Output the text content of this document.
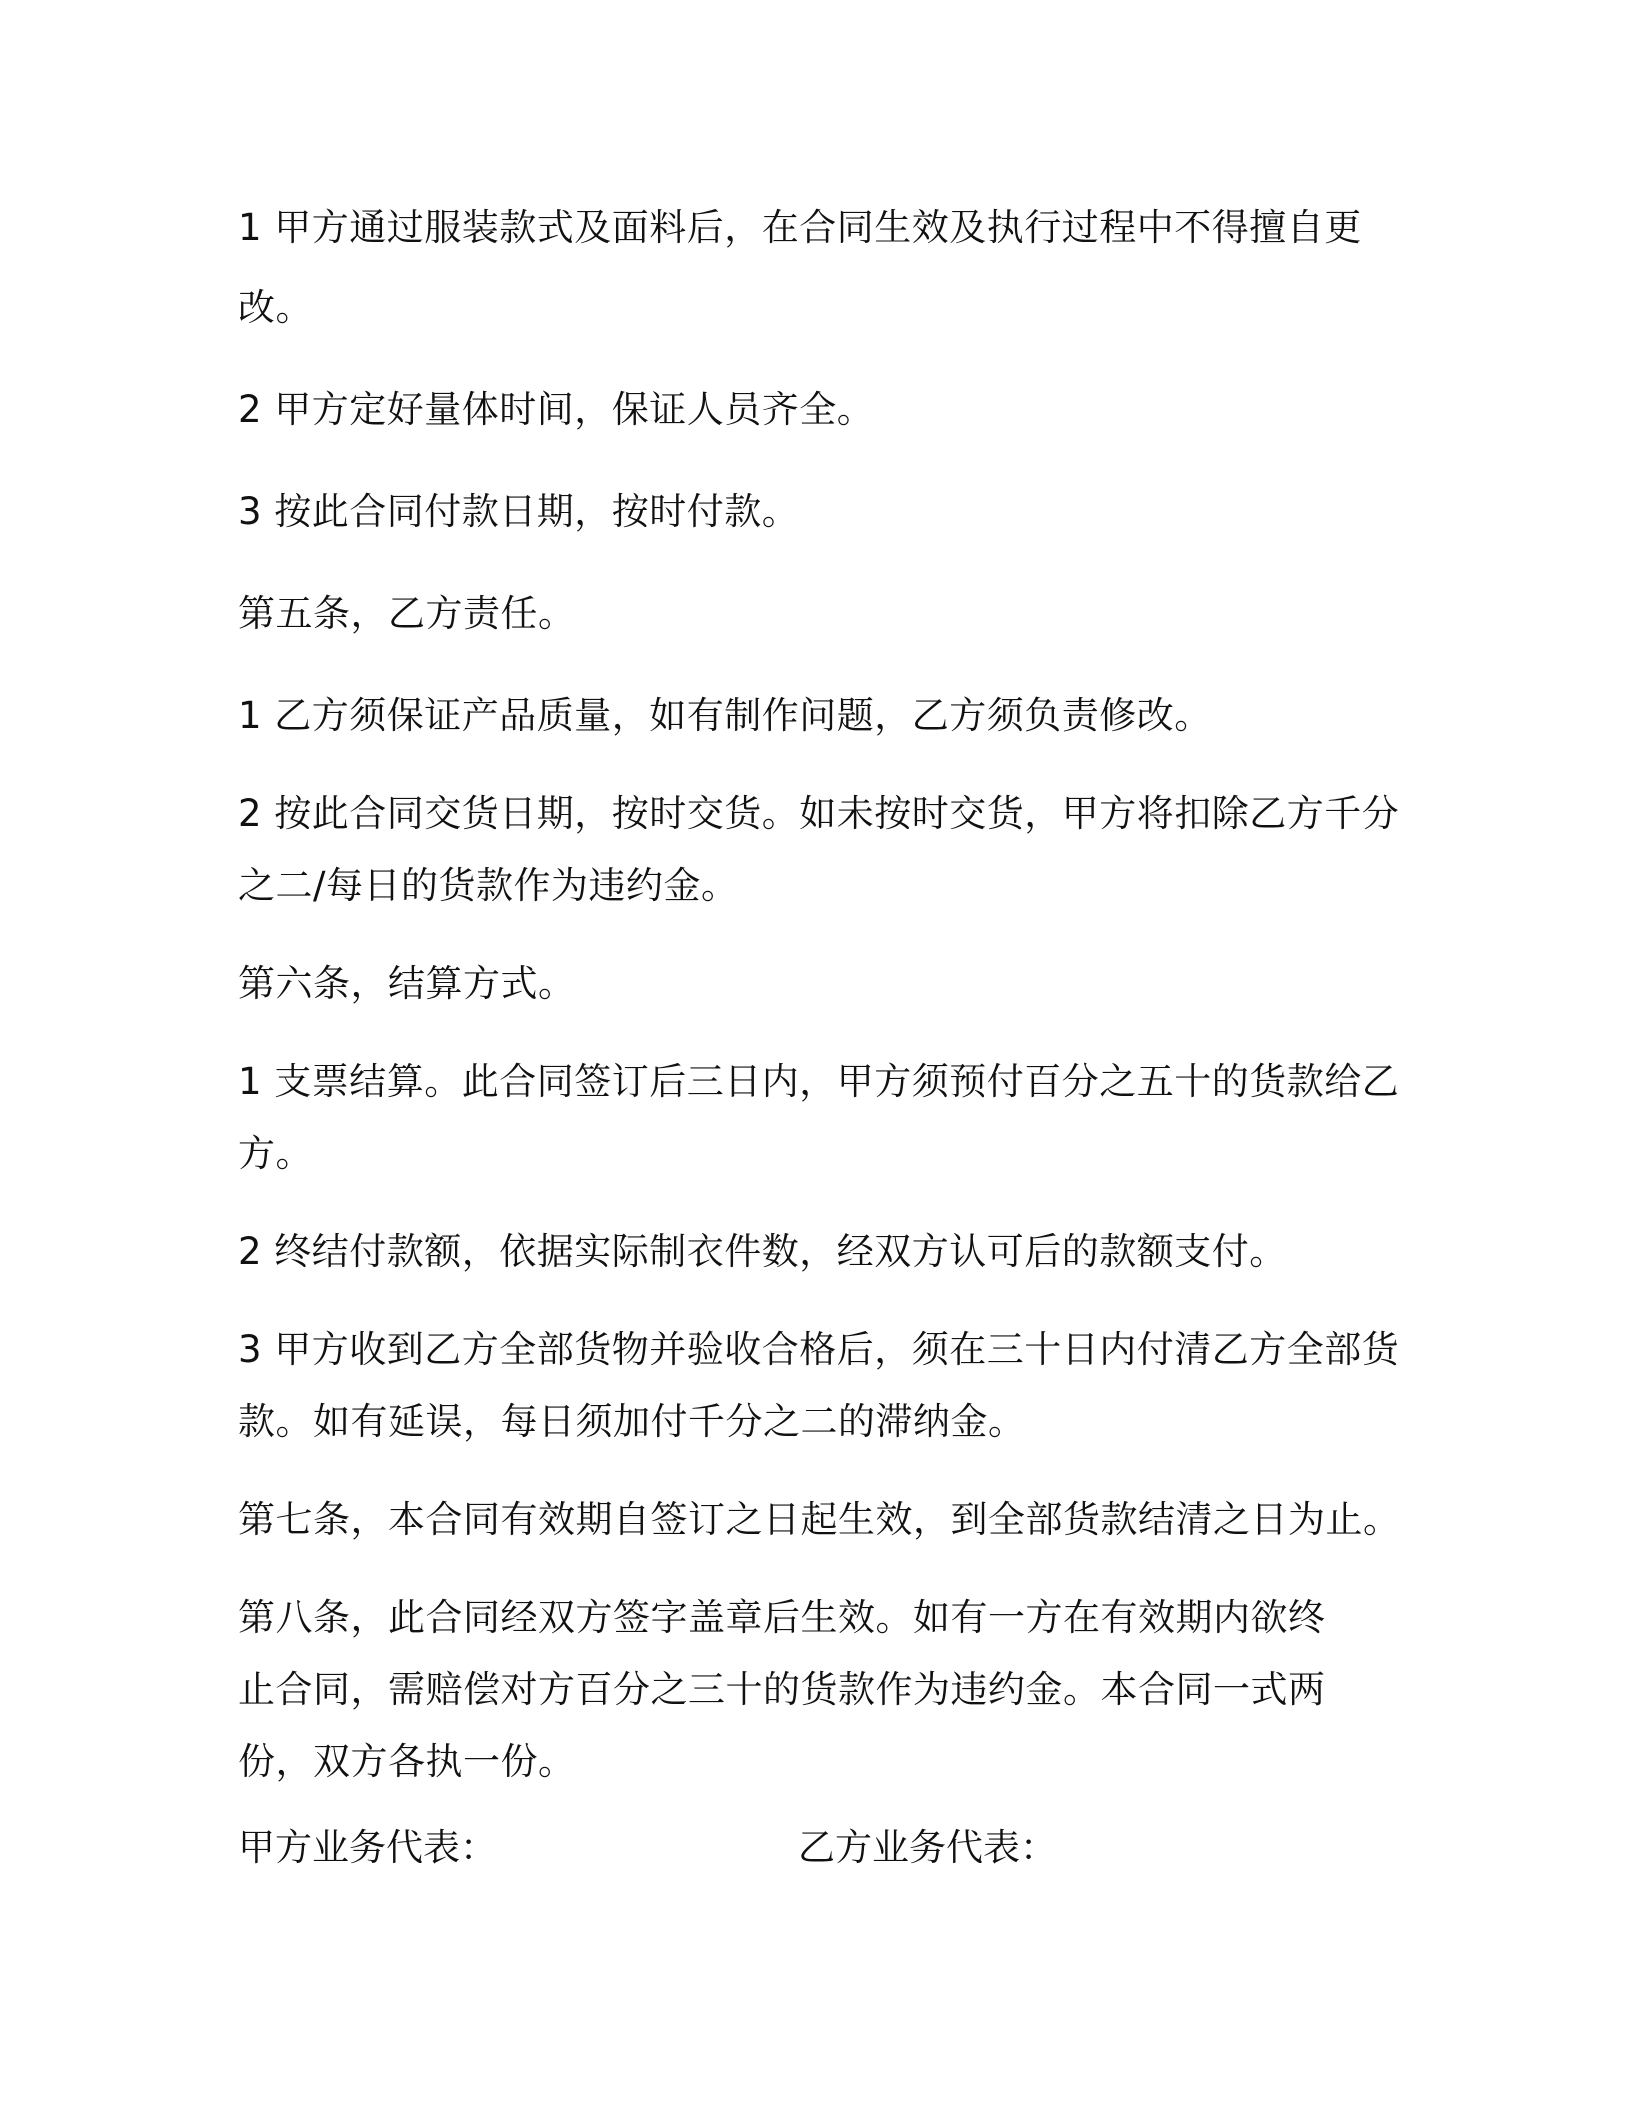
1 甲方通过服装款式及面料后，在合同生效及执行过程中不得擅自更改。

2 甲方定好量体时间，保证人员齐全。

3 按此合同付款日期，按时付款。

第五条，乙方责任。

1 乙方须保证产品质量，如有制作问题，乙方须负责修改。

2 按此合同交货日期，按时交货。如未按时交货，甲方将扣除乙方千分之二/每日的货款作为违约金。

第六条，结算方式。

1 支票结算。此合同签订后三日内，甲方须预付百分之五十的货款给乙方。

2 终结付款额，依据实际制衣件数，经双方认可后的款额支付。

3 甲方收到乙方全部货物并验收合格后，须在三十日内付清乙方全部货款。如有延误，每日须加付千分之二的滞纳金。

第七条，本合同有效期自签订之日起生效，到全部货款结清之日为止。

第八条，此合同经双方签字盖章后生效。如有一方在有效期内欲终止合同，需赔偿对方百分之三十的货款作为违约金。本合同一式两份，双方各执一份。

甲方业务代表：	乙方业务代表：
